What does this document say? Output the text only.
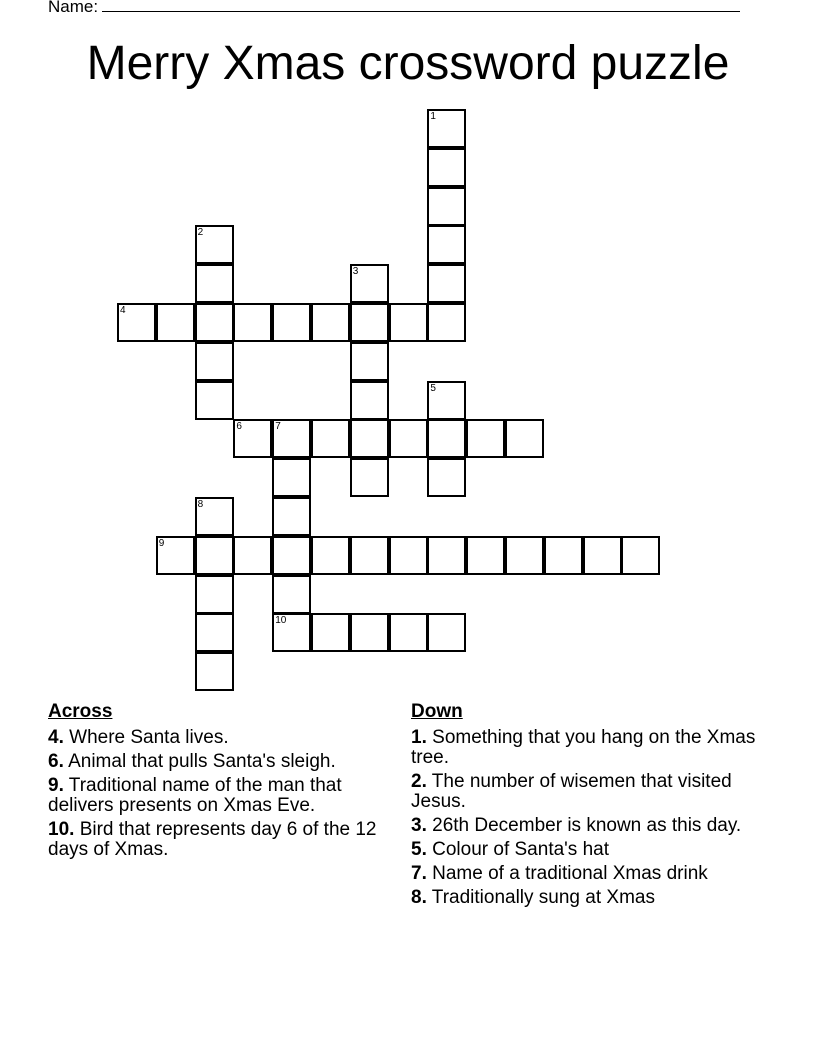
Name:
Merry Xmas crossword puzzle
1
2
3
4
5
6	7
8
9
10
Across
4. Where Santa lives.
6. Animal that pulls Santa's sleigh.
9. Traditional name of the man that delivers presents on Xmas Eve.
10. Bird that represents day 6 of the 12 days of Xmas.
Down
1. Something that you hang on the Xmas tree.
2. The number of wisemen that visited Jesus.
3. 26th December is known as this day.
5. Colour of Santa's hat
7. Name of a traditional Xmas drink
8. Traditionally sung at Xmas
